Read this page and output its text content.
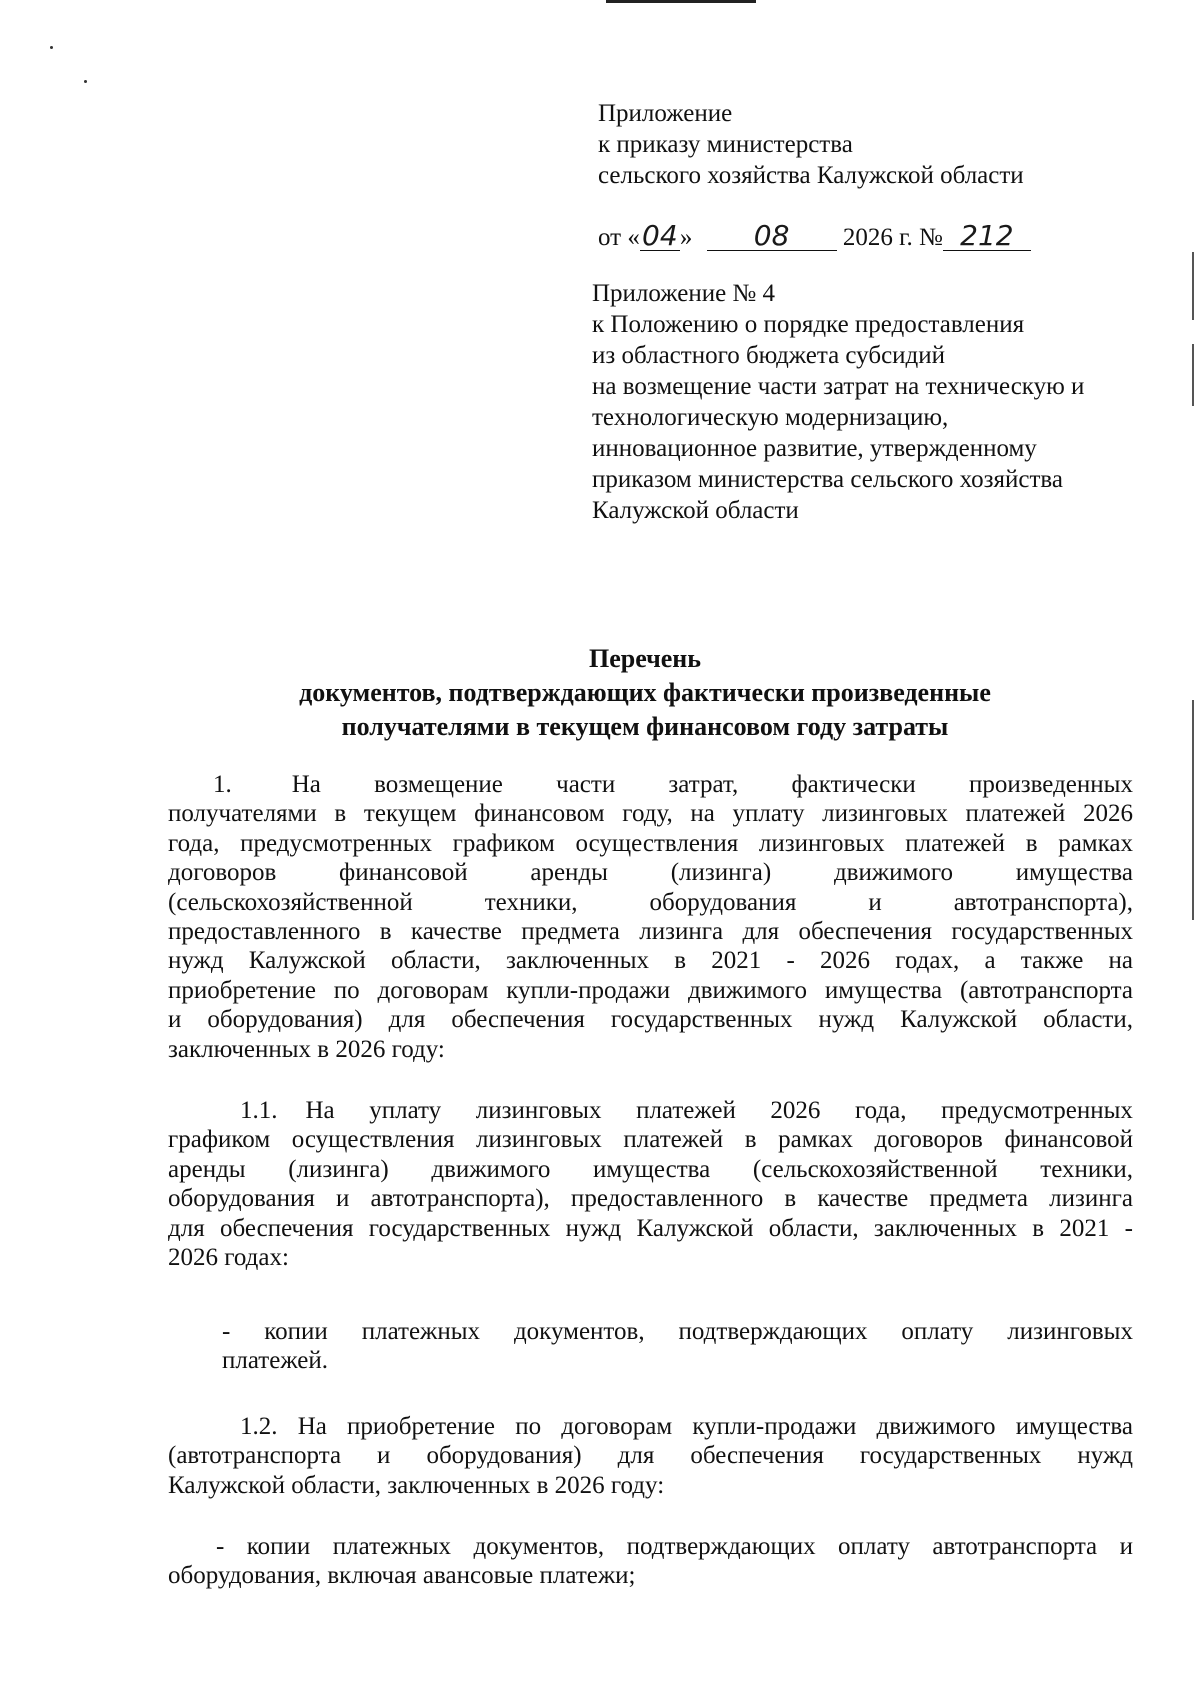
Приложение
к приказу министерства
сельского хозяйства Калужской области
от «04» 08 2026 г. № 212
Приложение № 4
к Положению о порядке предоставления
из областного бюджета субсидий
на возмещение части затрат на техническую и
технологическую модернизацию,
инновационное развитие, утвержденному
приказом министерства сельского хозяйства
Калужской области
Перечень
документов, подтверждающих фактически произведенные
получателями в текущем финансовом году затраты
1. На возмещение части затрат, фактически произведенных
получателями в текущем финансовом году, на уплату лизинговых платежей 2026
года, предусмотренных графиком осуществления лизинговых платежей в рамках
договоров	финансовой	аренды	(лизинга)	движимого	имущества
(сельскохозяйственной	техники,	оборудования	и	автотранспорта),
предоставленного в качестве предмета лизинга для обеспечения государственных
нужд Калужской области, заключенных в 2021 - 2026 годах, а также на
приобретение по договорам купли-продажи движимого имущества (автотранспорта
и оборудования) для обеспечения государственных нужд Калужской области,
заключенных в 2026 году:
1.1. На уплату лизинговых платежей 2026 года, предусмотренных
графиком осуществления лизинговых платежей в рамках договоров финансовой
аренды (лизинга) движимого имущества (сельскохозяйственной техники,
оборудования и автотранспорта), предоставленного в качестве предмета лизинга
для обеспечения государственных нужд Калужской области, заключенных в 2021 -
2026 годах:
- копии платежных документов, подтверждающих оплату лизинговых
платежей.
1.2. На приобретение по договорам купли-продажи движимого имущества
(автотранспорта и оборудования) для обеспечения государственных нужд
Калужской области, заключенных в 2026 году:
- копии платежных документов, подтверждающих оплату автотранспорта и
оборудования, включая авансовые платежи;
